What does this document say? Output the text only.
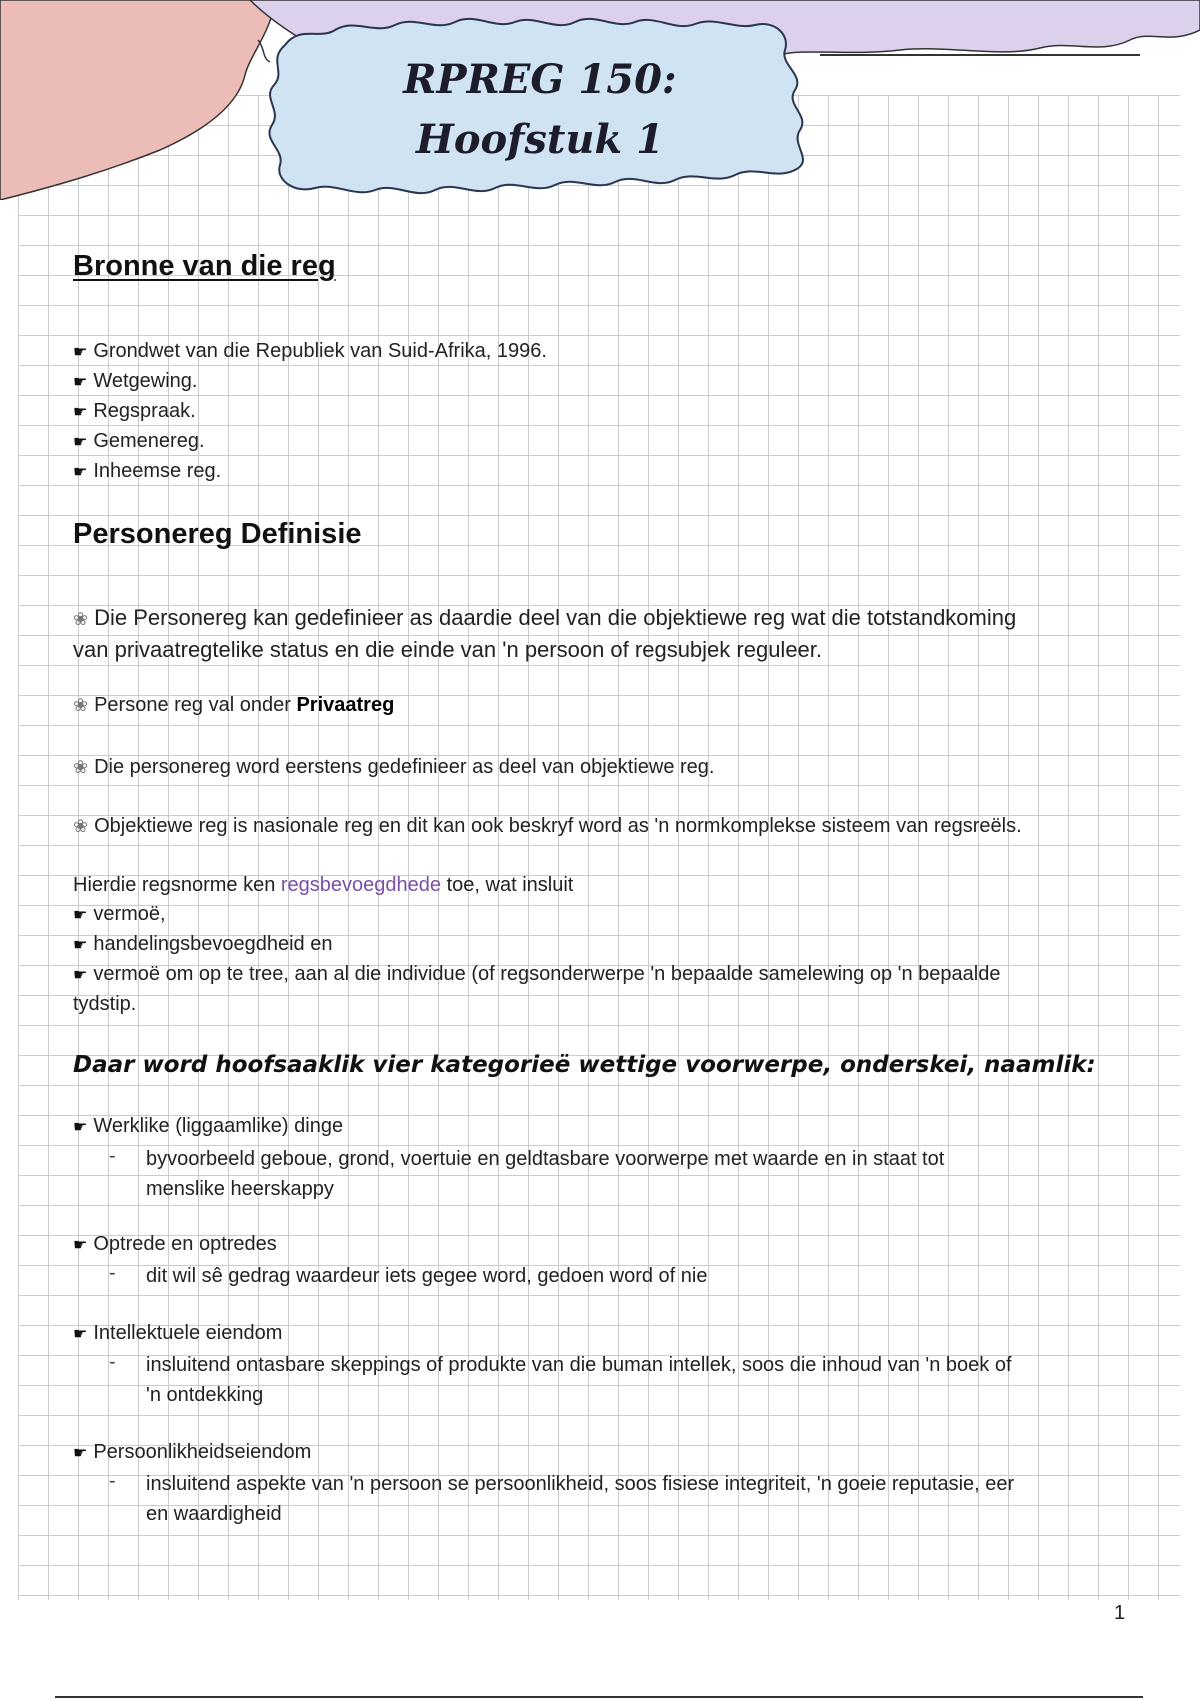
RPREG 150:
Hoofstuk 1
Bronne van die reg
☛ Grondwet van die Republiek van Suid-Afrika, 1996.
☛ Wetgewing.
☛ Regspraak.
☛ Gemenereg.
☛ Inheemse reg.
Personereg Definisie
❀ Die Personereg kan gedefinieer as daardie deel van die objektiewe reg wat die totstandkoming
van privaatregtelike status en die einde van 'n persoon of regsubjek reguleer.
❀ Persone reg val onder Privaatreg
❀ Die personereg word eerstens gedefinieer as deel van objektiewe reg.
❀ Objektiewe reg is nasionale reg en dit kan ook beskryf word as 'n normkomplekse sisteem van regsreëls.
Hierdie regsnorme ken regsbevoegdhede toe, wat insluit
☛ vermoë,
☛ handelingsbevoegdheid en
☛ vermoë om op te tree, aan al die individue (of regsonderwerpe 'n bepaalde samelewing op 'n bepaalde
tydstip.
Daar word hoofsaaklik vier kategorieë wettige voorwerpe, onderskei, naamlik:
☛ Werklike (liggaamlike) dinge
- byvoorbeeld geboue, grond, voertuie en geldtasbare voorwerpe met waarde en in staat tot
menslike heerskappy
☛ Optrede en optredes
- dit wil sê gedrag waardeur iets gegee word, gedoen word of nie
☛ Intellektuele eiendom
- insluitend ontasbare skeppings of produkte van die buman intellek, soos die inhoud van 'n boek of
'n ontdekking
☛ Persoonlikheidseiendom
- insluitend aspekte van 'n persoon se persoonlikheid, soos fisiese integriteit, 'n goeie reputasie, eer
en waardigheid
1
